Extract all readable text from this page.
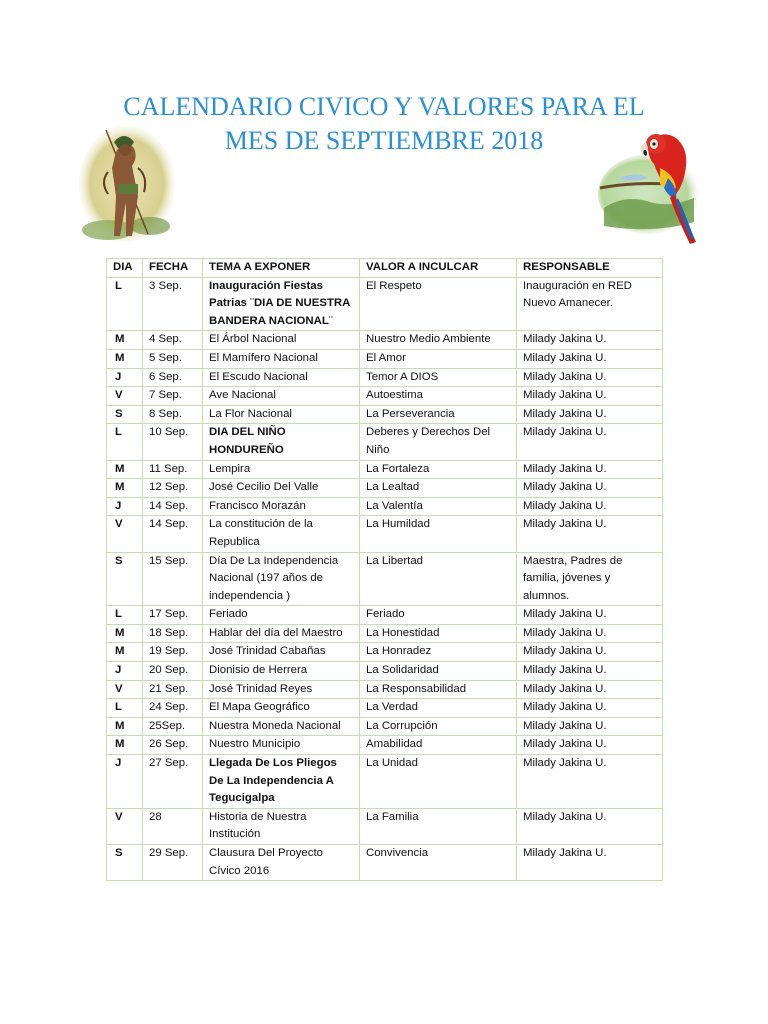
CALENDARIO CIVICO Y VALORES PARA EL
MES DE SEPTIEMBRE 2018
DIA	FECHA	TEMA A EXPONER	VALOR A INCULCAR	RESPONSABLE
L	3 Sep.	Inauguración Fiestas Patrias ¨DIA DE NUESTRA BANDERA NACIONAL¨	El Respeto	Inauguración en RED Nuevo Amanecer.
M	4 Sep.	El Árbol Nacional	Nuestro Medio Ambiente	Milady Jakina U.
M	5 Sep.	El Mamífero Nacional	El Amor	Milady Jakina U.
J	6 Sep.	El Escudo Nacional	Temor A DIOS	Milady Jakina U.
V	7 Sep.	Ave Nacional	Autoestima	Milady Jakina U.
S	8 Sep.	La Flor Nacional	La Perseverancia	Milady Jakina U.
L	10 Sep.	DIA DEL NIÑO HONDUREÑO	Deberes y Derechos Del Niño	Milady Jakina U.
M	11 Sep.	Lempira	La Fortaleza	Milady Jakina U.
M	12 Sep.	José Cecilio Del Valle	La Lealtad	Milady Jakina U.
J	14 Sep.	Francisco Morazán	La Valentía	Milady Jakina U.
V	14 Sep.	La constitución de la Republica	La Humildad	Milady Jakina U.
S	15 Sep.	Día De La Independencia Nacional (197 años de independencia )	La Libertad	Maestra, Padres de familia, jóvenes y alumnos.
L	17 Sep.	Feriado	Feriado	Milady Jakina U.
M	18 Sep.	Hablar del día del Maestro	La Honestidad	Milady Jakina U.
M	19 Sep.	José Trinidad Cabañas	La Honradez	Milady Jakina U.
J	20 Sep.	Dionisio de Herrera	La Solidaridad	Milady Jakina U.
V	21 Sep.	José Trinidad Reyes	La Responsabilidad	Milady Jakina U.
L	24 Sep.	El Mapa Geográfico	La Verdad	Milady Jakina U.
M	25Sep.	Nuestra Moneda Nacional	La Corrupción	Milady Jakina U.
M	26 Sep.	Nuestro Municipio	Amabilidad	Milady Jakina U.
J	27 Sep.	Llegada De Los Pliegos De La Independencia A Tegucigalpa	La Unidad	Milady Jakina U.
V	28	Historia de Nuestra Institución	La Familia	Milady Jakina U.
S	29 Sep.	Clausura Del Proyecto Cívico 2016	Convivencia	Milady Jakina U.
